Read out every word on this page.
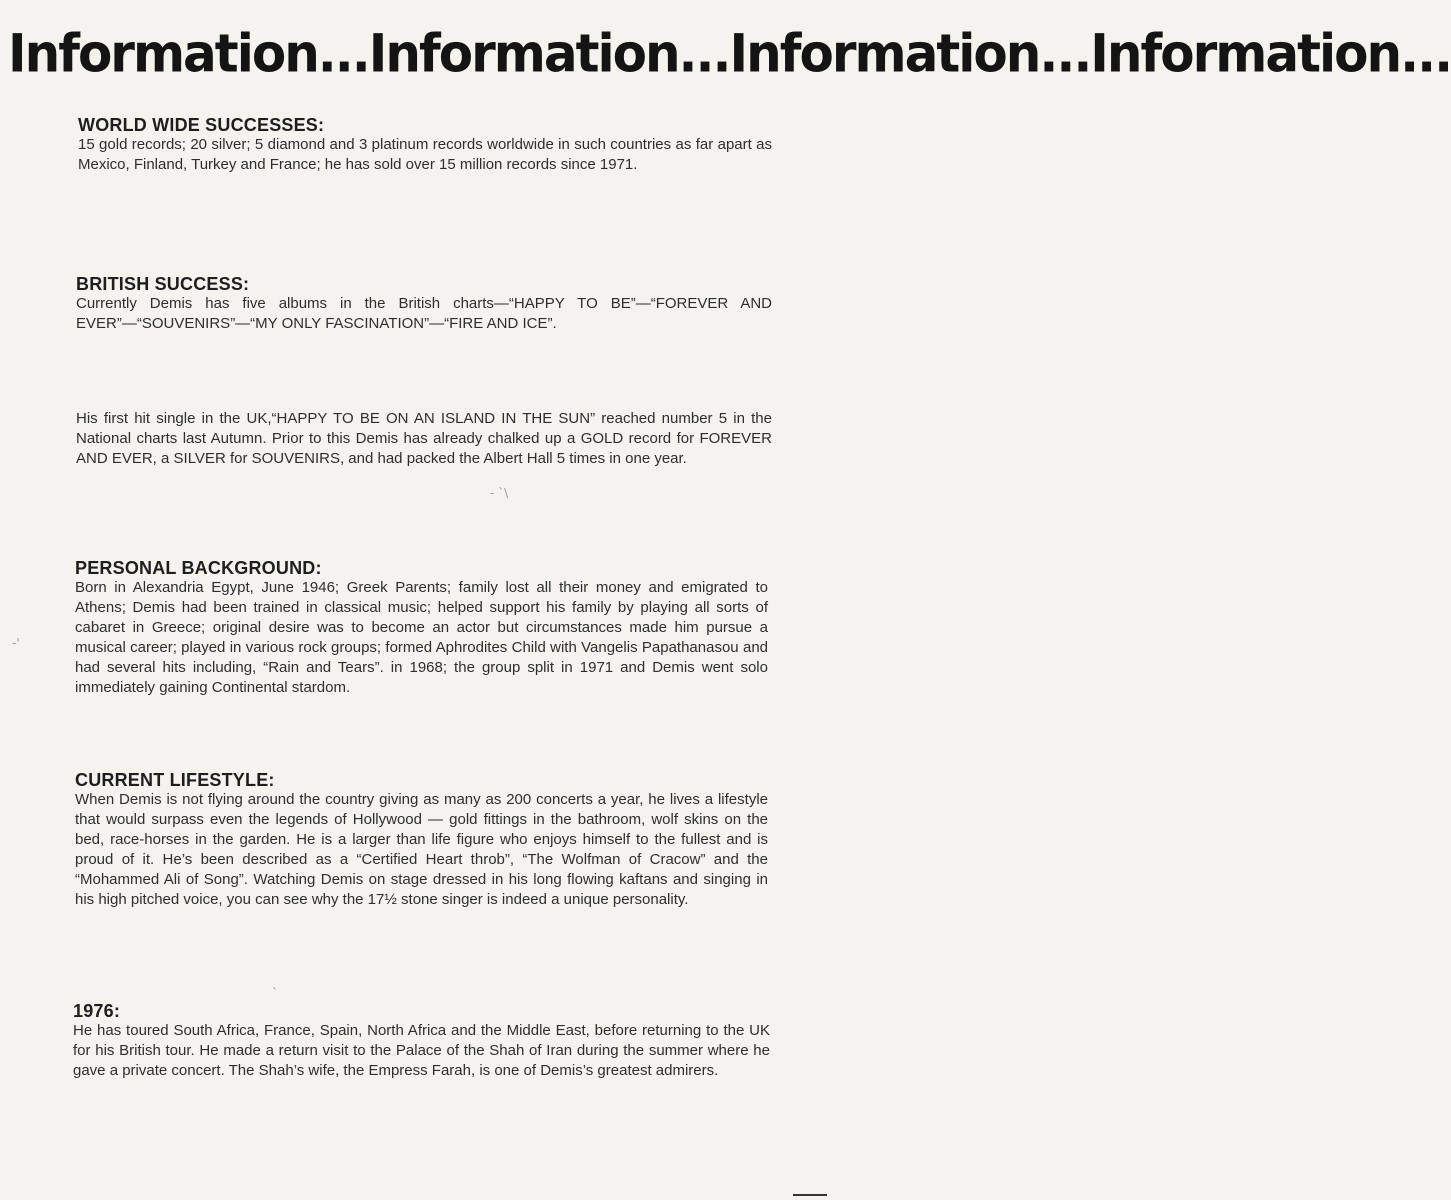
Information...Information...Information...Information...
WORLD WIDE SUCCESSES:

15 gold records; 20 silver; 5 diamond and 3 platinum records worldwide in such countries as far apart as Mexico, Finland, Turkey and France; he has sold over 15 million records since 1971.

BRITISH SUCCESS:

Currently Demis has five albums in the British charts—“HAPPY TO BE”—“FOREVER AND EVER”—“SOUVENIRS”—“MY ONLY FASCINATION”—“FIRE AND ICE”.

His first hit single in the UK,“HAPPY TO BE ON AN ISLAND IN THE SUN” reached number 5 in the National charts last Autumn. Prior to this Demis has already chalked up a GOLD record for FOREVER AND EVER, a SILVER for SOUVENIRS, and had packed the Albert Hall 5 times in one year.

PERSONAL BACKGROUND:

Born in Alexandria Egypt, June 1946; Greek Parents; family lost all their money and emigrated to Athens; Demis had been trained in classical music; helped support his family by playing all sorts of cabaret in Greece; original desire was to become an actor but circumstances made him pursue a musical career; played in various rock groups; formed Aphrodites Child with Vangelis Papathanasou and had several hits including, “Rain and Tears”. in 1968; the group split in 1971 and Demis went solo immediately gaining Continental stardom.

CURRENT LIFESTYLE:

When Demis is not flying around the country giving as many as 200 concerts a year, he lives a lifestyle that would surpass even the legends of Hollywood — gold fittings in the bathroom, wolf skins on the bed, race-horses in the garden. He is a larger than life figure who enjoys himself to the fullest and is proud of it. He’s been described as a “Certified Heart throb”, “The Wolfman of Cracow” and the “Mohammed Ali of Song”. Watching Demis on stage dressed in his long flowing kaftans and singing in his high pitched voice, you can see why the 17½ stone singer is indeed a unique personality.

1976:

He has toured South Africa, France, Spain, North Africa and the Middle East, before returning to the UK for his British tour. He made a return visit to the Palace of the Shah of Iran during the summer where he gave a private concert. The Shah’s wife, the Empress Farah, is one of Demis’s greatest admirers.

- `\
-'
`
